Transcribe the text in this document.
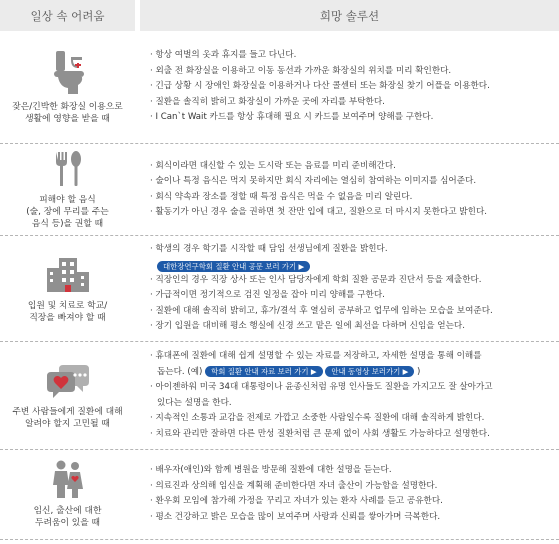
일상 속 어려움	희망 솔루션
잦은/긴박한 화장실 이용으로
생활에 영향을 받을 때
· 항상 여벌의 옷과 휴지를 들고 다닌다.
· 외출 전 화장실을 이용하고 이동 동선과 가까운 화장실의 위치를 미리 확인한다.
· 긴급 상황 시 장애인 화장실을 이용하거나 다산 콜센터 또는 화장실 찾기 어플을 이용한다.
· 질환을 솔직히 밝히고 화장실이 가까운 곳에 자리를 부탁한다.
· I Can`t Wait 카드를 항상 휴대해 필요 시 카드를 보여주며 양해를 구한다.
피해야 할 음식
(술, 장에 무리를 주는
음식 등)을 권할 때
· 회식이라면 대신할 수 있는 도시락 또는 음료를 미리 준비해간다.
· 술이나 특정 음식은 먹지 못하지만 회식 자리에는 열심히 참여하는 이미지를 심어준다.
· 회식 약속과 장소를 정할 때 특정 음식은 먹을 수 없음을 미리 알린다.
· 활동기가 아닌 경우 술을 권하면 첫 잔만 입에 대고, 질환으로 더 마시지 못한다고 밝힌다.
입원 및 치료로 학교/
직장을 빠져야 할 때
· 학생의 경우 학기를 시작할 때 담임 선생님에게 질환을 밝힌다.
대한장연구학회 질환 안내 공문 보러 가기 ▶
· 직장인의 경우 직장 상사 또는 인사 담당자에게 학회 질환 공문과 진단서 등을 제출한다.
· 가급적이면 정기적으로 검진 일정을 잡아 미리 양해를 구한다.
· 질환에 대해 솔직히 밝히고, 휴가/결석 후 열심히 공부하고 업무에 임하는 모습을 보여준다.
· 장기 입원을 대비해 평소 행실에 신경 쓰고 맡은 일에 최선을 다하며 신임을 얻는다.
주변 사람들에게 질환에 대해
알려야 할지 고민될 때
· 휴대폰에 질환에 대해 쉽게 설명할 수 있는 자료를 저장하고, 자세한 설명을 통해 이해를
돕는다. (예) 학회 질환 안내 자료 보러 가기 ▶ 안내 동영상 보러가기 ▶ )
· 아이젠하워 미국 34대 대통령이나 윤종신처럼 유명 인사들도 질환을 가지고도 잘 살아가고
있다는 설명을 한다.
· 지속적인 소통과 교감을 전제로 가깝고 소중한 사람일수록 질환에 대해 솔직하게 밝힌다.
· 치료와 관리만 잘하면 다른 만성 질환처럼 큰 문제 없이 사회 생활도 가능하다고 설명한다.
임신, 출산에 대한
두려움이 있을 때
· 배우자(애인)와 함께 병원을 방문해 질환에 대한 설명을 듣는다.
· 의료진과 상의해 임신을 계획해 준비한다면 자녀 출산이 가능함을 설명한다.
· 환우회 모임에 참가해 가정을 꾸리고 자녀가 있는 환자 사례를 듣고 공유한다.
· 평소 건강하고 밝은 모습을 많이 보여주며 사랑과 신뢰를 쌓아가며 극복한다.
